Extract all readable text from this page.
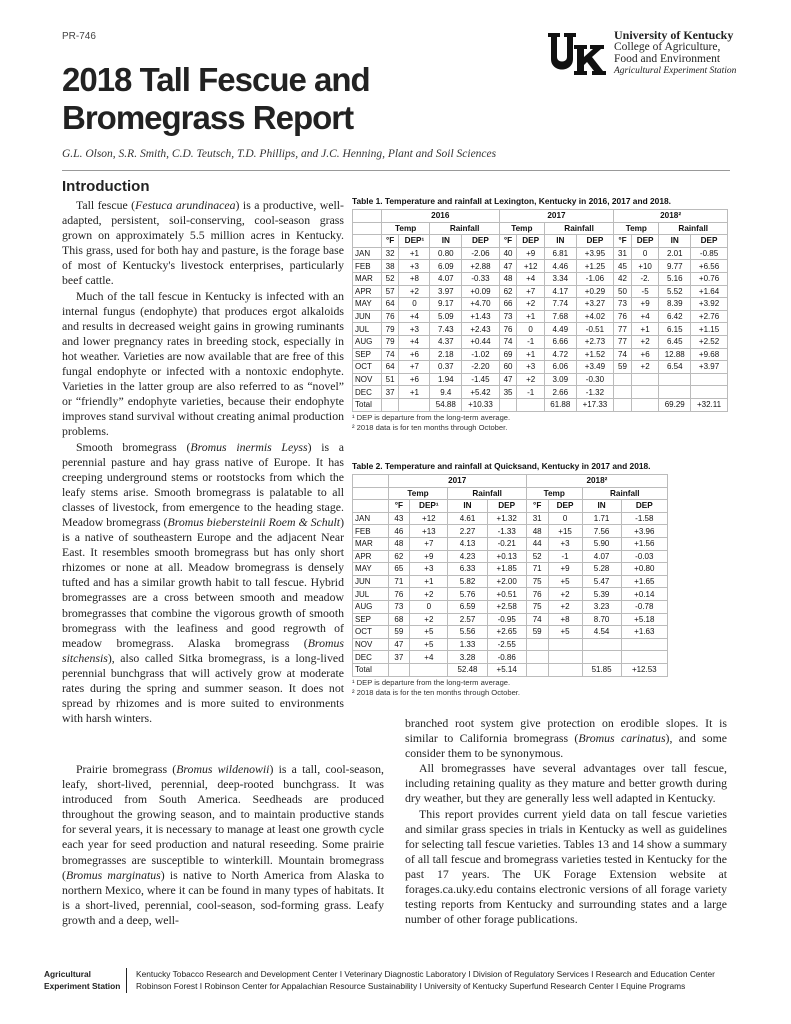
PR-746	University of Kentucky
College of Agriculture,
Food and Environment
Agricultural Experiment Station
2018 Tall Fescue and
Bromegrass Report
G.L. Olson, S.R. Smith, C.D. Teutsch, T.D. Phillips, and J.C. Henning, Plant and Soil Sciences
Introduction

Tall fescue (Festuca arundinacea) is a productive, well-adapted, persistent, soil-conserving, cool-season grass grown on approximately 5.5 million acres in Kentucky. This grass, used for both hay and pasture, is the forage base of most of Kentucky's livestock enterprises, particularly beef cattle.

Much of the tall fescue in Kentucky is infected with an internal fungus (endophyte) that produces ergot alkaloids and results in decreased weight gains in growing ruminants and lower pregnancy rates in breeding stock, especially in hot weather. Varieties are now available that are free of this fungal endophyte or infected with a nontoxic endophyte. Varieties in the latter group are also referred to as “novel” or “friendly” endophyte varieties, because their endophyte improves stand survival without creating animal production problems.

Smooth bromegrass (Bromus inermis Leyss) is a perennial pasture and hay grass native of Europe. It has creeping underground stems or rootstocks from which the leafy stems arise. Smooth bromegrass is palatable to all classes of livestock, from emergence to the heading stage. Meadow bromegrass (Bromus biebersteinii Roem & Schult) is a native of southeastern Europe and the adjacent Near East. It resembles smooth bromegrass but has only short rhizomes or none at all. Meadow bromegrass is densely tufted and has a similar growth habit to tall fescue. Hybrid bromegrasses are a cross between smooth and meadow bromegrasses that combine the vigorous growth of smooth bromegrass with the leafiness and good regrowth of meadow bromegrass. Alaska bromegrass (Bromus sitchensis), also called Sitka bromegrass, is a long-lived perennial bunchgrass that will actively grow at moderate rates during the spring and summer season. It does not spread by rhizomes and is more suited to environments with harsh winters.

Prairie bromegrass (Bromus wildenowii) is a tall, cool-season, leafy, short-lived, perennial, deep-rooted bunchgrass. It was introduced from South America. Seedheads are produced throughout the growing season, and to maintain productive stands for several years, it is necessary to manage at least one growth cycle each year for seed production and natural reseeding. Some prairie bromegrasses are susceptible to winterkill. Mountain bromegrass (Bromus marginatus) is native to North America from Alaska to northern Mexico, where it can be found in many types of habitats. It is a short-lived, perennial, cool-season, sod-forming grass. Leafy growth and a deep, well-

branched root system give protection on erodible slopes. It is similar to California bromegrass (Bromus carinatus), and some consider them to be synonymous.

All bromegrasses have several advantages over tall fescue, including retaining quality as they mature and better growth during dry weather, but they are generally less well adapted in Kentucky.

This report provides current yield data on tall fescue varieties and similar grass species in trials in Kentucky as well as guidelines for selecting tall fescue varieties. Tables 13 and 14 show a summary of all tall fescue and bromegrass varieties tested in Kentucky for the past 17 years. The UK Forage Extension website at forages.ca.uky.edu contains electronic versions of all forage variety testing reports from Kentucky and surrounding states and a large number of other forage publications.

Table 1. Temperature and rainfall at Lexington, Kentucky in 2016, 2017 and 2018.
	2016				2017				2018²			
	Temp		Rainfall		Temp		Rainfall		Temp		Rainfall	
	°F	DEP¹	IN	DEP	°F	DEP	IN	DEP	°F	DEP	IN	DEP
JAN	32	+1	0.80	-2.06	40	+9	6.81	+3.95	31	0	2.01	-0.85
FEB	38	+3	6.09	+2.88	47	+12	4.46	+1.25	45	+10	9.77	+6.56
MAR	52	+8	4.07	-0.33	48	+4	3.34	-1.06	42	-2.	5.16	+0.76
APR	57	+2	3.97	+0.09	62	+7	4.17	+0.29	50	-5	5.52	+1.64
MAY	64	0	9.17	+4.70	66	+2	7.74	+3.27	73	+9	8.39	+3.92
JUN	76	+4	5.09	+1.43	73	+1	7.68	+4.02	76	+4	6.42	+2.76
JUL	79	+3	7.43	+2.43	76	0	4.49	-0.51	77	+1	6.15	+1.15
AUG	79	+4	4.37	+0.44	74	-1	6.66	+2.73	77	+2	6.45	+2.52
SEP	74	+6	2.18	-1.02	69	+1	4.72	+1.52	74	+6	12.88	+9.68
OCT	64	+7	0.37	-2.20	60	+3	6.06	+3.49	59	+2	6.54	+3.97
NOV	51	+6	1.94	-1.45	47	+2	3.09	-0.30				
DEC	37	+1	9.4	+5.42	35	-1	2.66	-1.32				
Total			54.88	+10.33			61.88	+17.33			69.29	+32.11
¹ DEP is departure from the long-term average.
² 2018 data is for ten months through October.
Table 2. Temperature and rainfall at Quicksand, Kentucky in 2017 and 2018.
	2017				2018²			
	Temp		Rainfall		Temp		Rainfall	
	°F	DEP¹	IN	DEP	°F	DEP	IN	DEP
JAN	43	+12	4.61	+1.32	31	0	1.71	-1.58
FEB	46	+13	2.27	-1.33	48	+15	7.56	+3.96
MAR	48	+7	4.13	-0.21	44	+3	5.90	+1.56
APR	62	+9	4.23	+0.13	52	-1	4.07	-0.03
MAY	65	+3	6.33	+1.85	71	+9	5.28	+0.80
JUN	71	+1	5.82	+2.00	75	+5	5.47	+1.65
JUL	76	+2	5.76	+0.51	76	+2	5.39	+0.14
AUG	73	0	6.59	+2.58	75	+2	3.23	-0.78
SEP	68	+2	2.57	-0.95	74	+8	8.70	+5.18
OCT	59	+5	5.56	+2.65	59	+5	4.54	+1.63
NOV	47	+5	1.33	-2.55				
DEC	37	+4	3.28	-0.86				
Total			52.48	+5.14			51.85	+12.53
¹ DEP is departure from the long-term average.
² 2018 data is for the ten months through October.
Agricultural
Experiment Station
Kentucky Tobacco Research and Development Center I Veterinary Diagnostic Laboratory I Division of Regulatory Services I Research and Education Center
Robinson Forest I Robinson Center for Appalachian Resource Sustainability I University of Kentucky Superfund Research Center I Equine Programs
